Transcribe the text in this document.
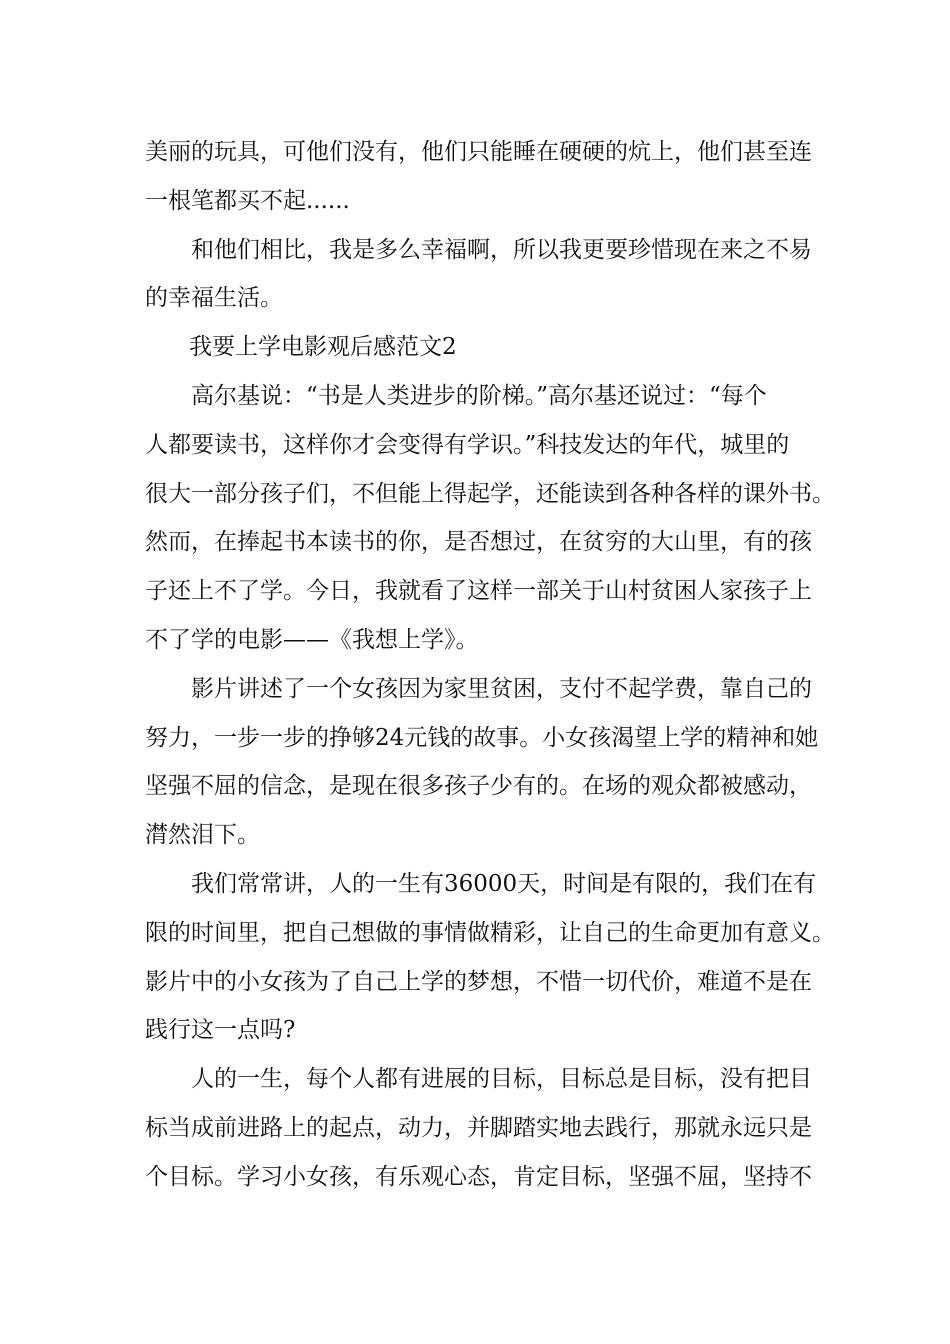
美丽的玩具，可他们没有，他们只能睡在硬硬的炕上，他们甚至连

一根笔都买不起......

和他们相比，我是多么幸福啊，所以我更要珍惜现在来之不易

的幸福生活。

我要上学电影观后感范文2

高尔基说：“书是人类进步的阶梯。”高尔基还说过：“每个

人都要读书，这样你才会变得有学识。”科技发达的年代，城里的

很大一部分孩子们，不但能上得起学，还能读到各种各样的课外书。

然而，在捧起书本读书的你，是否想过，在贫穷的大山里，有的孩

子还上不了学。今日，我就看了这样一部关于山村贫困人家孩子上

不了学的电影——《我想上学》。

影片讲述了一个女孩因为家里贫困，支付不起学费，靠自己的

努力，一步一步的挣够24元钱的故事。小女孩渴望上学的精神和她

坚强不屈的信念，是现在很多孩子少有的。在场的观众都被感动，

潸然泪下。

我们常常讲，人的一生有36000天，时间是有限的，我们在有

限的时间里，把自己想做的事情做精彩，让自己的生命更加有意义。

影片中的小女孩为了自己上学的梦想，不惜一切代价，难道不是在

践行这一点吗?

人的一生，每个人都有进展的目标，目标总是目标，没有把目

标当成前进路上的起点，动力，并脚踏实地去践行，那就永远只是

个目标。学习小女孩，有乐观心态，肯定目标，坚强不屈，坚持不
